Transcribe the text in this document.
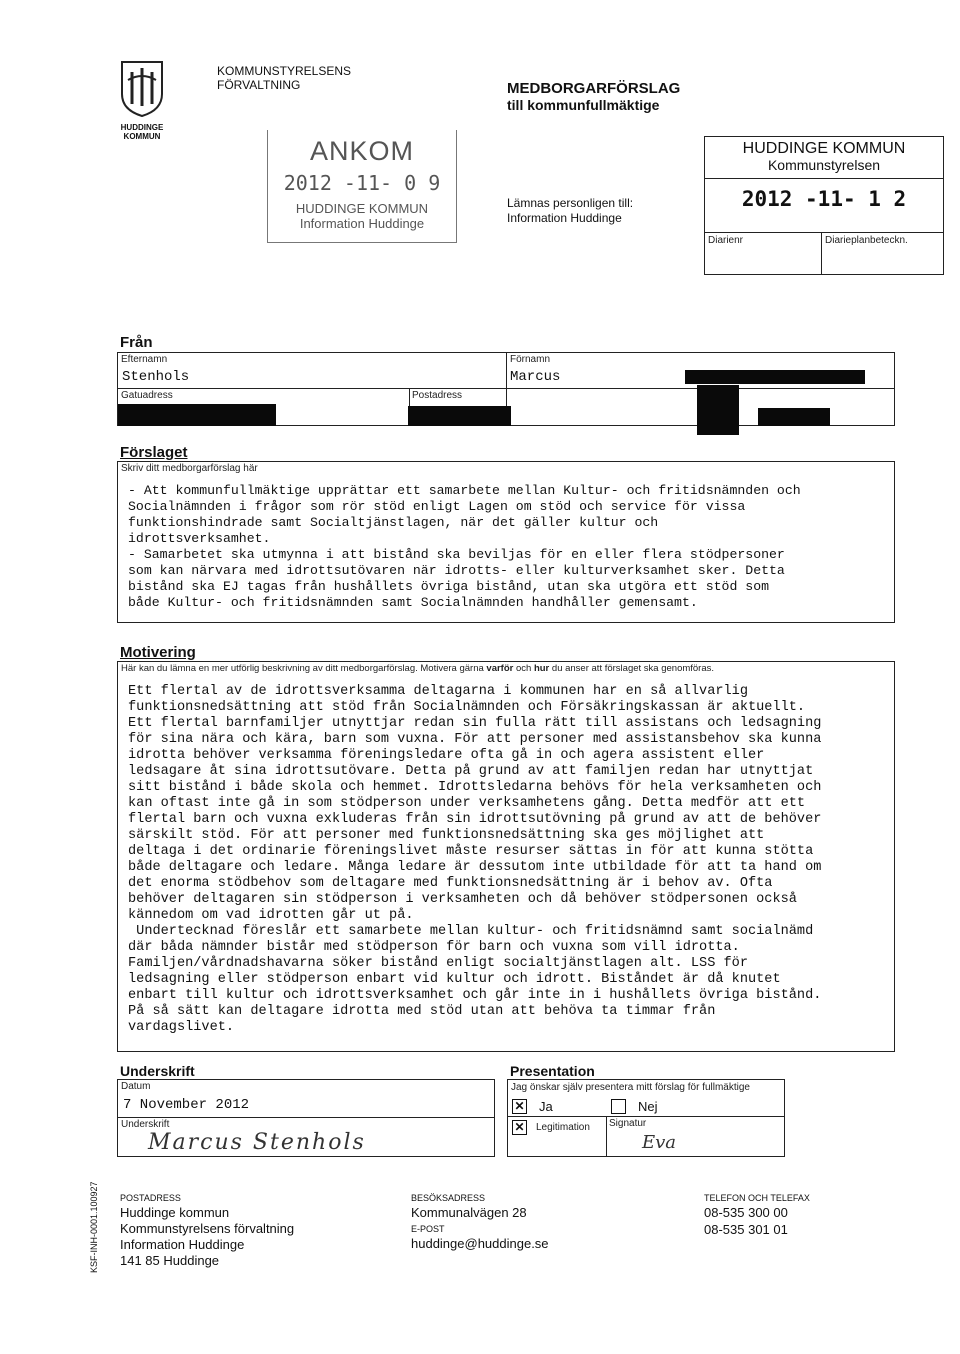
HUDDINGE
KOMMUN
KOMMUNSTYRELSENS
FÖRVALTNING	MEDBORGARFÖRSLAG
till kommunfullmäktige
Lämnas personligen till:
Information Huddinge
ANKOM
2012 -11- 0 9
HUDDINGE KOMMUN
Information Huddinge
HUDDINGE KOMMUN
Kommunstyrelsen
2012 -11- 1 2
Diarienr	Diarieplanbeteckn.
Från
Efternamn
Stenhols
Förnamn
Marcus
Gatuadress	Postadress
Förslaget
Skriv ditt medborgarförslag här
- Att kommunfullmäktige upprättar ett samarbete mellan Kultur- och fritidsnämnden och
Socialnämnden i frågor som rör stöd enligt Lagen om stöd och service för vissa
funktionshindrade samt Socialtjänstlagen, när det gäller kultur och
idrottsverksamhet.
- Samarbetet ska utmynna i att bistånd ska beviljas för en eller flera stödpersoner
som kan närvara med idrottsutövaren när idrotts- eller kulturverksamhet sker. Detta
bistånd ska EJ tagas från hushållets övriga bistånd, utan ska utgöra ett stöd som
både Kultur- och fritidsnämnden samt Socialnämnden handhåller gemensamt.
Motivering
Här kan du lämna en mer utförlig beskrivning av ditt medborgarförslag. Motivera gärna varför och hur du anser att förslaget ska genomföras.
Ett flertal av de idrottsverksamma deltagarna i kommunen har en så allvarlig
funktionsnedsättning att stöd från Socialnämnden och Försäkringskassan är aktuellt.
Ett flertal barnfamiljer utnyttjar redan sin fulla rätt till assistans och ledsagning
för sina nära och kära, barn som vuxna. För att personer med assistansbehov ska kunna
idrotta behöver verksamma föreningsledare ofta gå in och agera assistent eller
ledsagare åt sina idrottsutövare. Detta på grund av att familjen redan har utnyttjat
sitt bistånd i både skola och hemmet. Idrottsledarna behövs för hela verksamheten och
kan oftast inte gå in som stödperson under verksamhetens gång. Detta medför att ett
flertal barn och vuxna exkluderas från sin idrottsutövning på grund av att de behöver
särskilt stöd. För att personer med funktionsnedsättning ska ges möjlighet att
deltaga i det ordinarie föreningslivet måste resurser sättas in för att kunna stötta
både deltagare och ledare. Många ledare är dessutom inte utbildade för att ta hand om
det enorma stödbehov som deltagare med funktionsnedsättning är i behov av. Ofta
behöver deltagaren sin stödperson i verksamheten och då behöver stödpersonen också
kännedom om vad idrotten går ut på.
Undertecknad föreslår ett samarbete mellan kultur- och fritidsnämnd samt socialnämd
där båda nämnder bistår med stödperson för barn och vuxna som vill idrotta.
Familjen/vårdnadshavarna söker bistånd enligt socialtjänstlagen alt. LSS för
ledsagning eller stödperson enbart vid kultur och idrott. Biståndet är då knutet
enbart till kultur och idrottsverksamhet och går inte in i hushållets övriga bistånd.
På så sätt kan deltagare idrotta med stöd utan att behöva ta timmar från
vardagslivet.
Underskrift
Datum
7 November 2012
Underskrift
Marcus Stenhols
Presentation
Jag önskar själv presentera mitt förslag för fullmäktige
✕ Ja	Nej
✕ Legitimation Signatur
Eva
KSF-INH-0001.100927 POSTADRESS
Huddinge kommun
Kommunstyrelsens förvaltning
Information Huddinge
141 85 Huddinge
BESÖKSADRESS
Kommunalvägen 28
E-POST
huddinge@huddinge.se
TELEFON OCH TELEFAX
08-535 300 00
08-535 301 01
